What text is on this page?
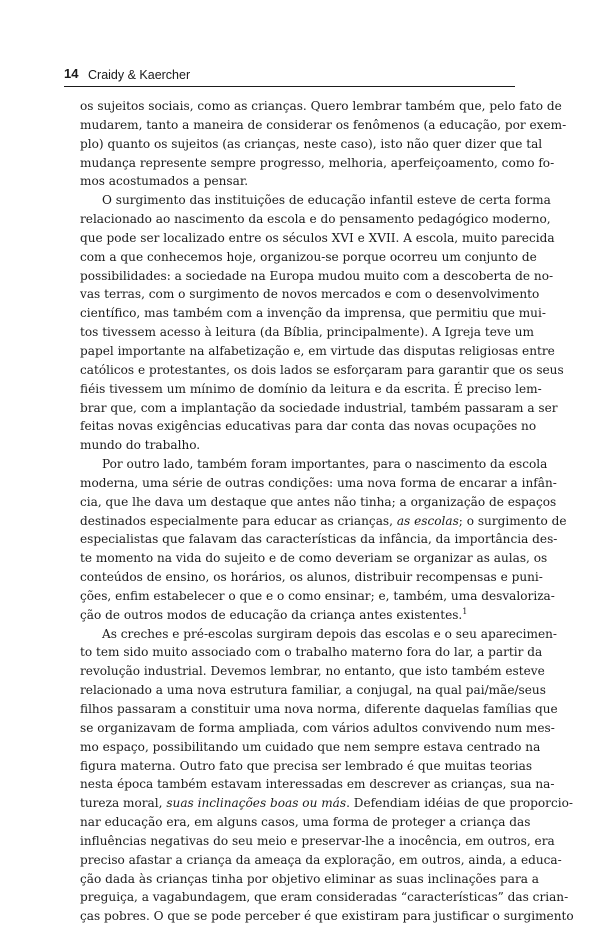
14 Craidy & Kaercher
os sujeitos sociais, como as crianças. Quero lembrar também que, pelo fato de
mudarem, tanto a maneira de considerar os fenômenos (a educação, por exem-
plo) quanto os sujeitos (as crianças, neste caso), isto não quer dizer que tal
mudança represente sempre progresso, melhoria, aperfeiçoamento, como fo-
mos acostumados a pensar.
O surgimento das instituições de educação infantil esteve de certa forma
relacionado ao nascimento da escola e do pensamento pedagógico moderno,
que pode ser localizado entre os séculos XVI e XVII. A escola, muito parecida
com a que conhecemos hoje, organizou-se porque ocorreu um conjunto de
possibilidades: a sociedade na Europa mudou muito com a descoberta de no-
vas terras, com o surgimento de novos mercados e com o desenvolvimento
científico, mas também com a invenção da imprensa, que permitiu que mui-
tos tivessem acesso à leitura (da Bíblia, principalmente). A Igreja teve um
papel importante na alfabetização e, em virtude das disputas religiosas entre
católicos e protestantes, os dois lados se esforçaram para garantir que os seus
fiéis tivessem um mínimo de domínio da leitura e da escrita. É preciso lem-
brar que, com a implantação da sociedade industrial, também passaram a ser
feitas novas exigências educativas para dar conta das novas ocupações no
mundo do trabalho.
Por outro lado, também foram importantes, para o nascimento da escola
moderna, uma série de outras condições: uma nova forma de encarar a infân-
cia, que lhe dava um destaque que antes não tinha; a organização de espaços
destinados especialmente para educar as crianças, as escolas; o surgimento de
especialistas que falavam das características da infância, da importância des-
te momento na vida do sujeito e de como deveriam se organizar as aulas, os
conteúdos de ensino, os horários, os alunos, distribuir recompensas e puni-
ções, enfim estabelecer o que e o como ensinar; e, também, uma desvaloriza-
ção de outros modos de educação da criança antes existentes.$^1$
As creches e pré-escolas surgiram depois das escolas e o seu aparecimen-
to tem sido muito associado com o trabalho materno fora do lar, a partir da
revolução industrial. Devemos lembrar, no entanto, que isto também esteve
relacionado a uma nova estrutura familiar, a conjugal, na qual pai/mãe/seus
filhos passaram a constituir uma nova norma, diferente daquelas famílias que
se organizavam de forma ampliada, com vários adultos convivendo num mes-
mo espaço, possibilitando um cuidado que nem sempre estava centrado na
figura materna. Outro fato que precisa ser lembrado é que muitas teorias
nesta época também estavam interessadas em descrever as crianças, sua na-
tureza moral, suas inclinações boas ou más. Defendiam idéias de que proporcio-
nar educação era, em alguns casos, uma forma de proteger a criança das
influências negativas do seu meio e preservar-lhe a inocência, em outros, era
preciso afastar a criança da ameaça da exploração, em outros, ainda, a educa-
ção dada às crianças tinha por objetivo eliminar as suas inclinações para a
preguiça, a vagabundagem, que eram consideradas “características” das crian-
ças pobres. O que se pode perceber é que existiram para justificar o surgimento
